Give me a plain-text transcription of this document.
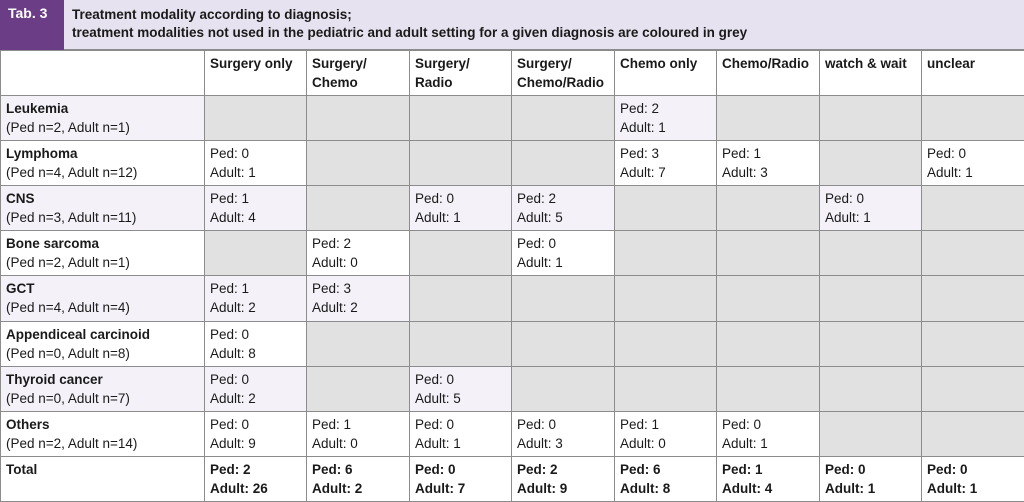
Tab. 3	Treatment modality according to diagnosis;
treatment modalities not used in the pediatric and adult setting for a given diagnosis are coloured in grey

	Surgery only	Surgery/
Chemo	Surgery/
Radio	Surgery/
Chemo/Radio	Chemo only	Chemo/Radio	watch & wait	unclear

Leukemia
(Ped n=2, Adult n=1)					Ped: 2
Adult: 1			

Lymphoma
(Ped n=4, Adult n=12)	Ped: 0
Adult: 1				Ped: 3
Adult: 7	Ped: 1
Adult: 3		Ped: 0
Adult: 1

CNS
(Ped n=3, Adult n=11)	Ped: 1
Adult: 4		Ped: 0
Adult: 1	Ped: 2
Adult: 5			Ped: 0
Adult: 1	

Bone sarcoma
(Ped n=2, Adult n=1)		Ped: 2
Adult: 0		Ped: 0
Adult: 1				

GCT
(Ped n=4, Adult n=4)	Ped: 1
Adult: 2	Ped: 3
Adult: 2						

Appendiceal carcinoid
(Ped n=0, Adult n=8)	Ped: 0
Adult: 8							

Thyroid cancer
(Ped n=0, Adult n=7)	Ped: 0
Adult: 2		Ped: 0
Adult: 5					

Others
(Ped n=2, Adult n=14)	Ped: 0
Adult: 9	Ped: 1
Adult: 0	Ped: 0
Adult: 1	Ped: 0
Adult: 3	Ped: 1
Adult: 0	Ped: 0
Adult: 1		

Total	Ped: 2
Adult: 26	Ped: 6
Adult: 2	Ped: 0
Adult: 7	Ped: 2
Adult: 9	Ped: 6
Adult: 8	Ped: 1
Adult: 4	Ped: 0
Adult: 1	Ped: 0
Adult: 1
